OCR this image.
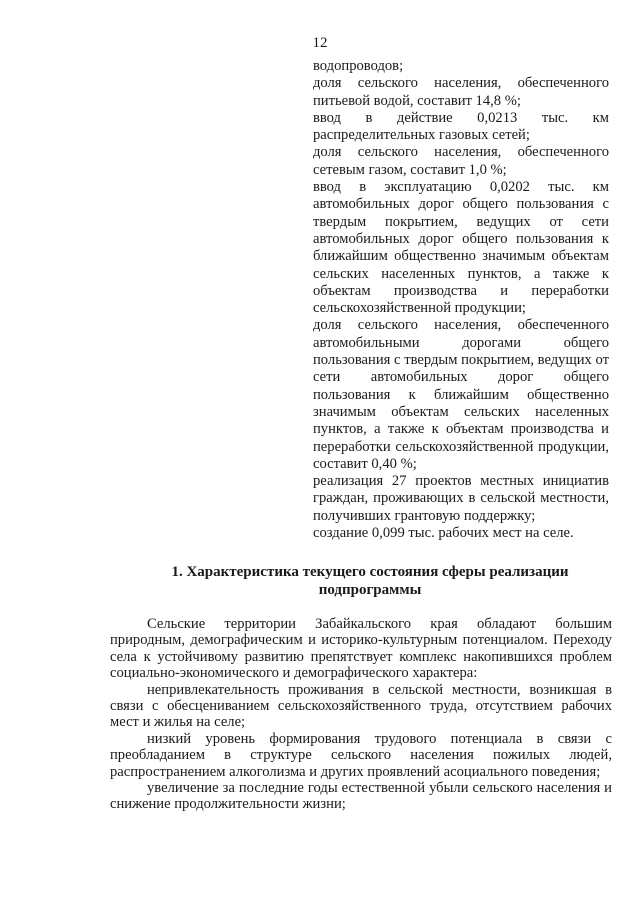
12

водопроводов;

доля сельского населения, обеспеченного питьевой водой, составит 14,8 %;

ввод в действие 0,0213 тыс. км распределительных газовых сетей;

доля сельского населения, обеспеченного сетевым газом, составит 1,0 %;

ввод в эксплуатацию 0,0202 тыс. км автомобильных дорог общего пользования с твердым покрытием, ведущих от сети автомобильных дорог общего пользования к ближайшим общественно значимым объектам сельских населенных пунктов, а также к объектам производства и переработки сельскохозяйственной продукции;

доля сельского населения, обеспеченного автомобильными дорогами общего пользования с твердым покрытием, ведущих от сети автомобильных дорог общего пользования к ближайшим общественно значимым объектам сельских населенных пунктов, а также к объектам производства и переработки сельскохозяйственной продукции, составит 0,40 %;

реализация 27 проектов местных инициатив граждан, проживающих в сельской местности, получивших грантовую поддержку;

создание 0,099 тыс. рабочих мест на селе.

1. Характеристика текущего состояния сферы реализации
подпрограммы

Сельские территории Забайкальского края обладают большим природным, демографическим и историко-культурным потенциалом. Переходу села к устойчивому развитию препятствует комплекс накопившихся проблем социально-экономического и демографического характера:

непривлекательность проживания в сельской местности, возникшая в связи с обесцениванием сельскохозяйственного труда, отсутствием рабочих мест и жилья на селе;

низкий уровень формирования трудового потенциала в связи с преобладанием в структуре сельского населения пожилых людей, распространением алкоголизма и других проявлений асоциального поведения;

увеличение за последние годы естественной убыли сельского населения и снижение продолжительности жизни;
